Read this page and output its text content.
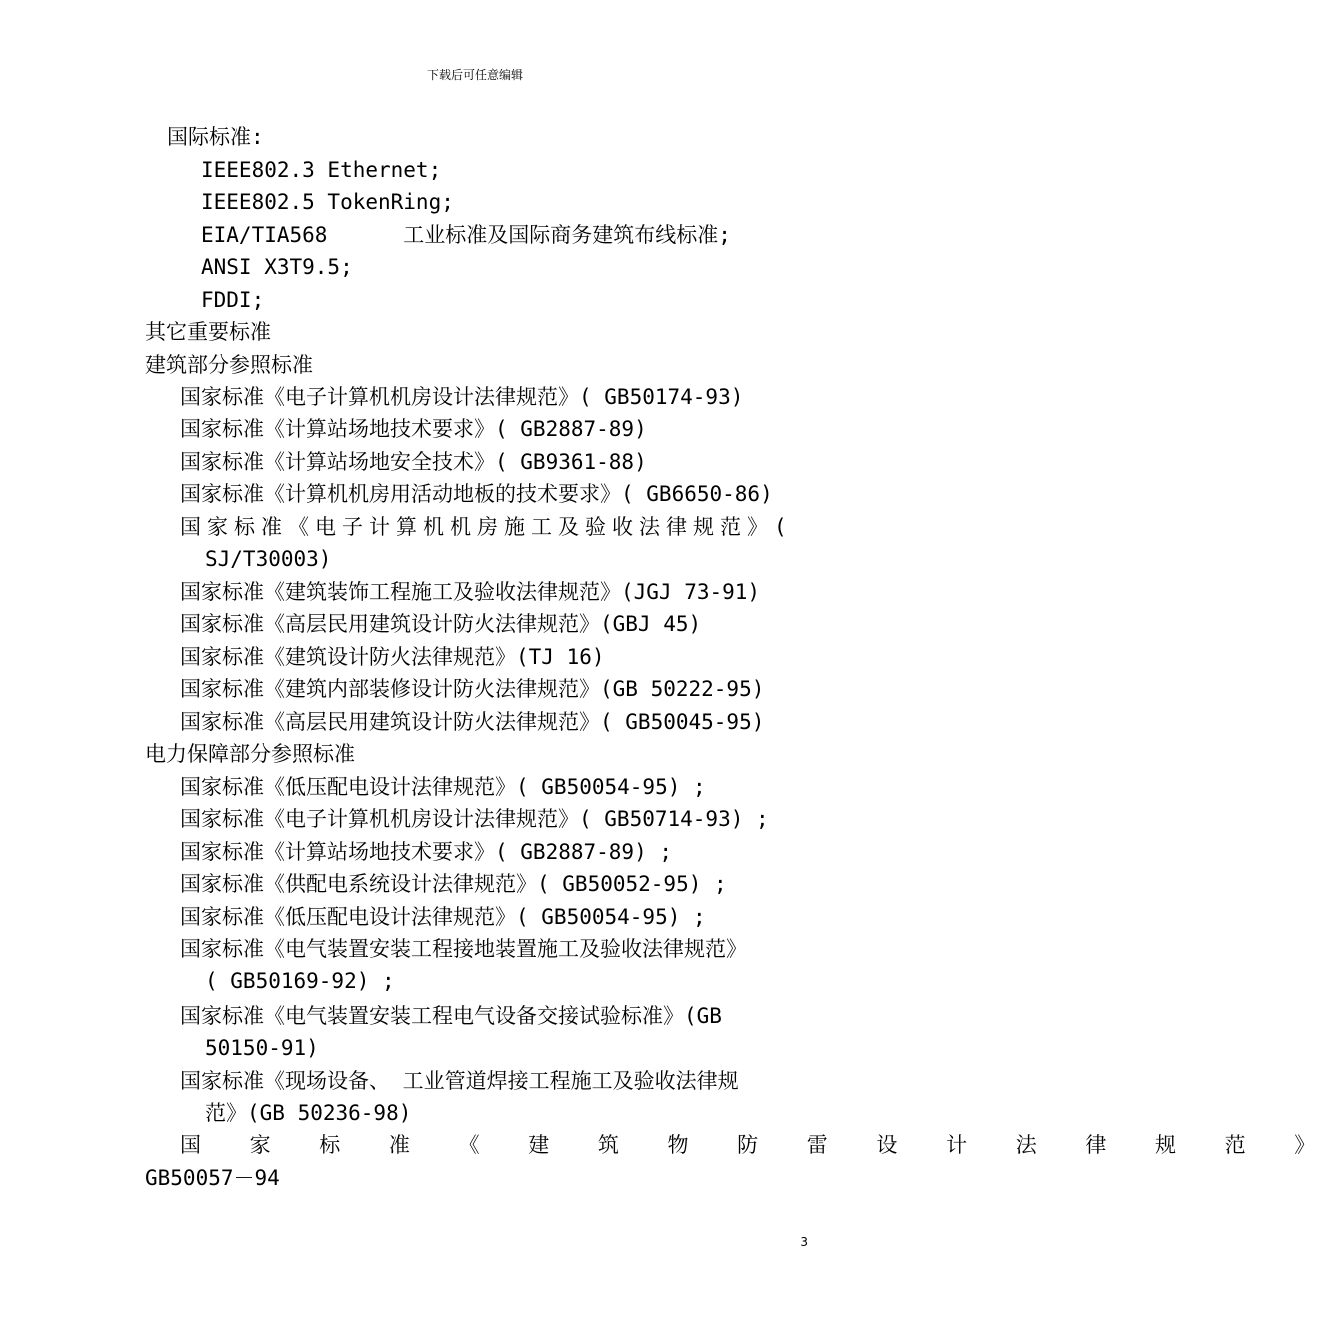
下载后可任意编辑
国际标准:
IEEE802.3 Ethernet;
IEEE802.5 TokenRing;
EIA/TIA568      工业标准及国际商务建筑布线标准;
ANSI X3T9.5;
FDDI;
其它重要标准
建筑部分参照标准
国家标准《电子计算机机房设计法律规范》( GB50174-93)
国家标准《计算站场地技术要求》( GB2887-89)
国家标准《计算站场地安全技术》( GB9361-88)
国家标准《计算机机房用活动地板的技术要求》( GB6650-86)
国家标准《电子计算机机房施工及验收法律规范》(
SJ/T30003)
国家标准《建筑装饰工程施工及验收法律规范》(JGJ 73-91)
国家标准《高层民用建筑设计防火法律规范》(GBJ 45)
国家标准《建筑设计防火法律规范》(TJ 16)
国家标准《建筑内部装修设计防火法律规范》(GB 50222-95)
国家标准《高层民用建筑设计防火法律规范》( GB50045-95)
电力保障部分参照标准
国家标准《低压配电设计法律规范》( GB50054-95) ;
国家标准《电子计算机机房设计法律规范》( GB50714-93) ;
国家标准《计算站场地技术要求》( GB2887-89) ;
国家标准《供配电系统设计法律规范》( GB50052-95) ;
国家标准《低压配电设计法律规范》( GB50054-95) ;
国家标准《电气装置安装工程接地装置施工及验收法律规范》
( GB50169-92) ;
国家标准《电气装置安装工程电气设备交接试验标准》(GB
50150-91)
国家标准《现场设备、 工业管道焊接工程施工及验收法律规
范》(GB 50236-98)
国 家 标 准 《 建 筑 物 防 雷 设 计 法 律 规 范 》
GB50057－94
3
